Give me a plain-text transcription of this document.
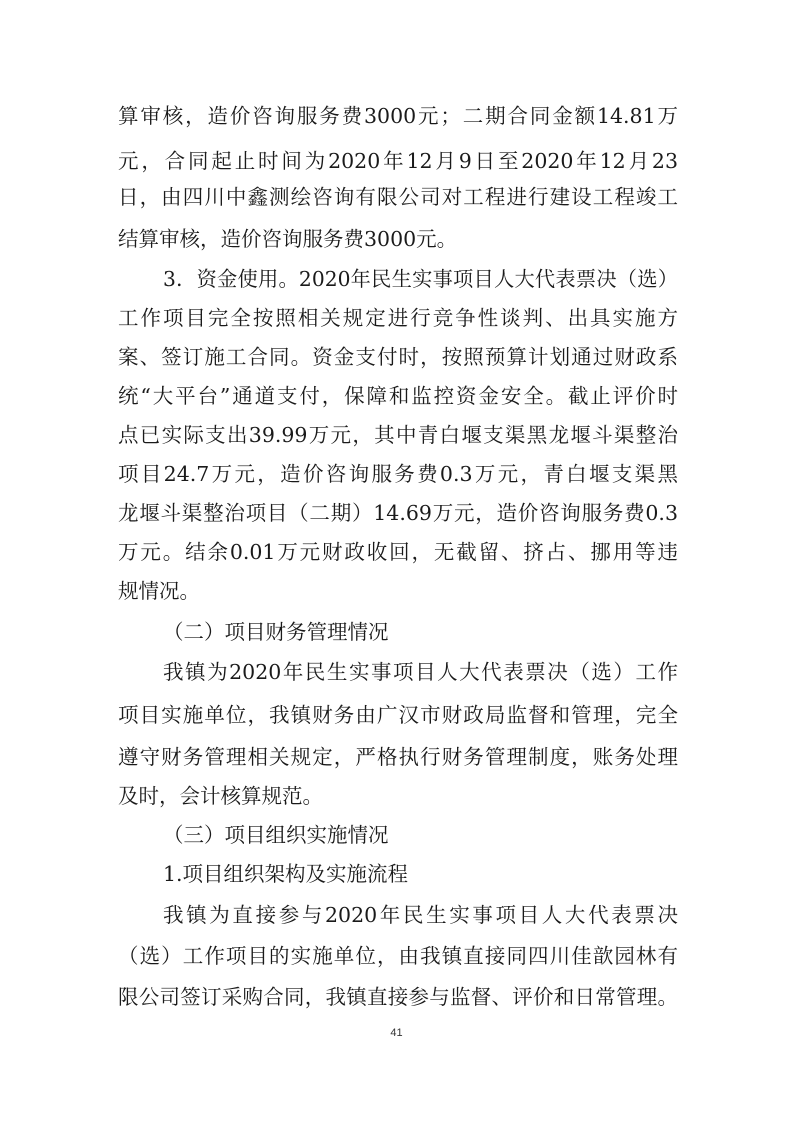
算审核，造价咨询服务费3000元；二期合同金额14.81万
元，合同起止时间为2020年12月9日至2020年12月23
日，由四川中鑫测绘咨询有限公司对工程进行建设工程竣工
结算审核，造价咨询服务费3000元。
3．资金使用。2020年民生实事项目人大代表票决（选）
工作项目完全按照相关规定进行竞争性谈判、出具实施方
案、签订施工合同。资金支付时，按照预算计划通过财政系
统“大平台”通道支付，保障和监控资金安全。截止评价时
点已实际支出39.99万元，其中青白堰支渠黑龙堰斗渠整治
项目24.7万元，造价咨询服务费0.3万元，青白堰支渠黑
龙堰斗渠整治项目（二期）14.69万元，造价咨询服务费0.3
万元。结余0.01万元财政收回，无截留、挤占、挪用等违
规情况。
（二）项目财务管理情况
我镇为2020年民生实事项目人大代表票决（选）工作
项目实施单位，我镇财务由广汉市财政局监督和管理，完全
遵守财务管理相关规定，严格执行财务管理制度，账务处理
及时，会计核算规范。
（三）项目组织实施情况
1.项目组织架构及实施流程
我镇为直接参与2020年民生实事项目人大代表票决
（选）工作项目的实施单位，由我镇直接同四川佳歆园林有
限公司签订采购合同，我镇直接参与监督、评价和日常管理。
41
